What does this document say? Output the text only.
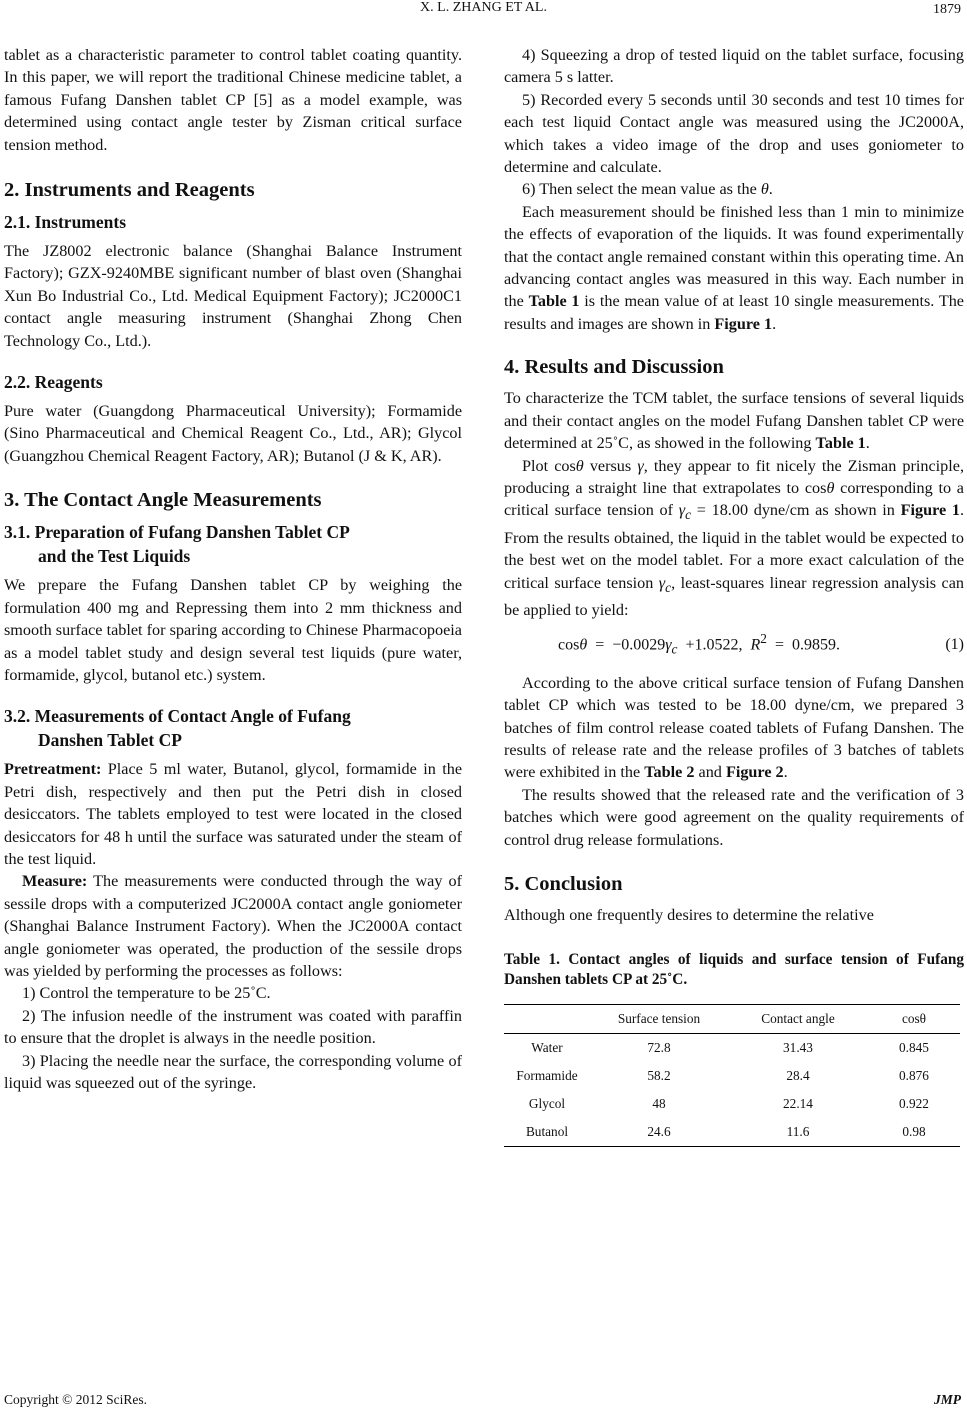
X. L. ZHANG ET AL.	1879

tablet as a characteristic parameter to control tablet coating quantity. In this paper, we will report the traditional Chinese medicine tablet, a famous Fufang Danshen tablet CP [5] as a model example, was determined using contact angle tester by Zisman critical surface tension method.

2. Instruments and Reagents
2.1. Instruments

The JZ8002 electronic balance (Shanghai Balance Instrument Factory); GZX-9240MBE significant number of blast oven (Shanghai Xun Bo Industrial Co., Ltd. Medical Equipment Factory); JC2000C1 contact angle measuring instrument (Shanghai Zhong Chen Technology Co., Ltd.).

2.2. Reagents

Pure water (Guangdong Pharmaceutical University); Formamide (Sino Pharmaceutical and Chemical Reagent Co., Ltd., AR); Glycol (Guangzhou Chemical Reagent Factory, AR); Butanol (J & K, AR).

3. The Contact Angle Measurements
3.1. Preparation of Fufang Danshen Tablet CP
and the Test Liquids

We prepare the Fufang Danshen tablet CP by weighing the formulation 400 mg and Repressing them into 2 mm thickness and smooth surface tablet for sparing according to Chinese Pharmacopoeia as a model tablet study and design several test liquids (pure water, formamide, glycol, butanol etc.) system.

3.2. Measurements of Contact Angle of Fufang
Danshen Tablet CP

Pretreatment: Place 5 ml water, Butanol, glycol, formamide in the Petri dish, respectively and then put the Petri dish in closed desiccators. The tablets employed to test were located in the closed desiccators for 48 h until the surface was saturated under the steam of the test liquid.

Measure: The measurements were conducted through the way of sessile drops with a computerized JC2000A contact angle goniometer (Shanghai Balance Instrument Factory). When the JC2000A contact angle goniometer was operated, the production of the sessile drops was yielded by performing the processes as follows:

1) Control the temperature to be 25˚C.

2) The infusion needle of the instrument was coated with paraffin to ensure that the droplet is always in the needle position.

3) Placing the needle near the surface, the corresponding volume of liquid was squeezed out of the syringe.

4) Squeezing a drop of tested liquid on the tablet surface, focusing camera 5 s latter.

5) Recorded every 5 seconds until 30 seconds and test 10 times for each test liquid Contact angle was measured using the JC2000A, which takes a video image of the drop and uses goniometer to determine and calculate.

6) Then select the mean value as the θ.

Each measurement should be finished less than 1 min to minimize the effects of evaporation of the liquids. It was found experimentally that the contact angle remained constant within this operating time. An advancing contact angles was measured in this way. Each number in the Table 1 is the mean value of at least 10 single measurements. The results and images are shown in Figure 1.

4. Results and Discussion

To characterize the TCM tablet, the surface tensions of several liquids and their contact angles on the model Fufang Danshen tablet CP were determined at 25˚C, as showed in the following Table 1.

Plot cosθ versus γ, they appear to fit nicely the Zisman principle, producing a straight line that extrapolates to cosθ corresponding to a critical surface tension of $\gamma_c = 18.00$ dyne/cm as shown in Figure 1. From the results obtained, the liquid in the tablet would be expected to the best wet on the model tablet. For a more exact calculation of the critical surface tension $\gamma_c$, least-squares linear regression analysis can be applied to yield:

$\cos\theta = -0.0029\gamma_c +1.0522$, $R^2 = 0.9859$.	(1)

According to the above critical surface tension of Fufang Danshen tablet CP which was tested to be 18.00 dyne/cm, we prepared 3 batches of film control release coated tablets of Fufang Danshen. The results of release rate and the release profiles of 3 batches of tablets were exhibited in the Table 2 and Figure 2.

The results showed that the released rate and the verification of 3 batches which were good agreement on the quality requirements of control drug release formulations.

5. Conclusion

Although one frequently desires to determine the relative

Table 1. Contact angles of liquids and surface tension of Fufang Danshen tablets CP at 25˚C.

	Surface tension	Contact angle	cosθ
Water	72.8	31.43	0.845
Formamide	58.2	28.4	0.876
Glycol	48	22.14	0.922
Butanol	24.6	11.6	0.98
Copyright © 2012 SciRes.	JMP
